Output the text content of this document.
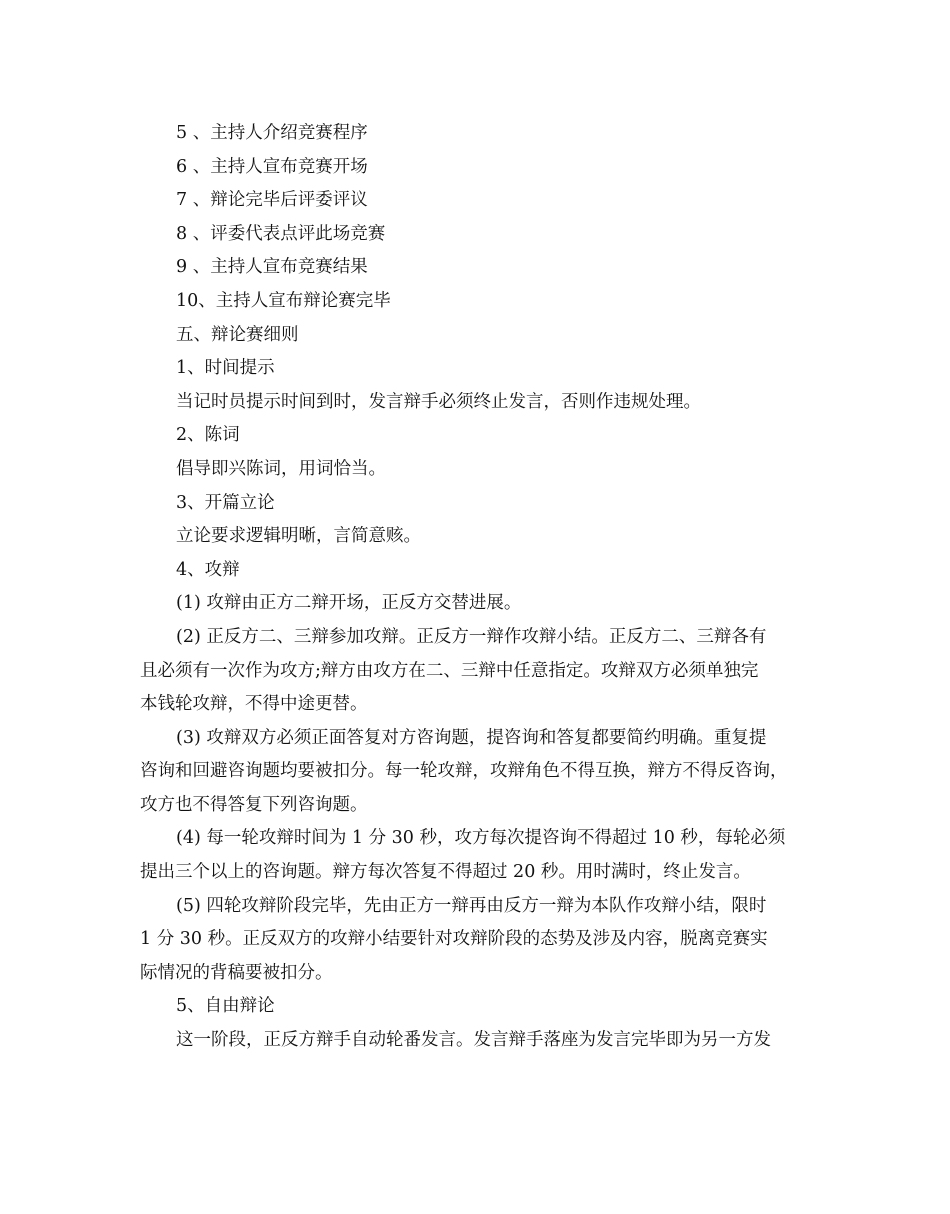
5 、主持人介绍竞赛程序
6 、主持人宣布竞赛开场
7 、辩论完毕后评委评议
8 、评委代表点评此场竞赛
9 、主持人宣布竞赛结果
10、主持人宣布辩论赛完毕
五、辩论赛细则
1、时间提示
当记时员提示时间到时，发言辩手必须终止发言，否则作违规处理。
2、陈词
倡导即兴陈词，用词恰当。
3、开篇立论
立论要求逻辑明晰，言简意赅。
4、攻辩
(1) 攻辩由正方二辩开场，正反方交替进展。
(2) 正反方二、三辩参加攻辩。正反方一辩作攻辩小结。正反方二、三辩各有
且必须有一次作为攻方;辩方由攻方在二、三辩中任意指定。攻辩双方必须单独完
本钱轮攻辩，不得中途更替。
(3) 攻辩双方必须正面答复对方咨询题，提咨询和答复都要简约明确。重复提
咨询和回避咨询题均要被扣分。每一轮攻辩，攻辩角色不得互换，辩方不得反咨询，
攻方也不得答复下列咨询题。
(4) 每一轮攻辩时间为 1 分 30 秒，攻方每次提咨询不得超过 10 秒，每轮必须
提出三个以上的咨询题。辩方每次答复不得超过 20 秒。用时满时，终止发言。
(5) 四轮攻辩阶段完毕，先由正方一辩再由反方一辩为本队作攻辩小结，限时
1 分 30 秒。正反双方的攻辩小结要针对攻辩阶段的态势及涉及内容，脱离竞赛实
际情况的背稿要被扣分。
5、自由辩论
这一阶段，正反方辩手自动轮番发言。发言辩手落座为发言完毕即为另一方发
